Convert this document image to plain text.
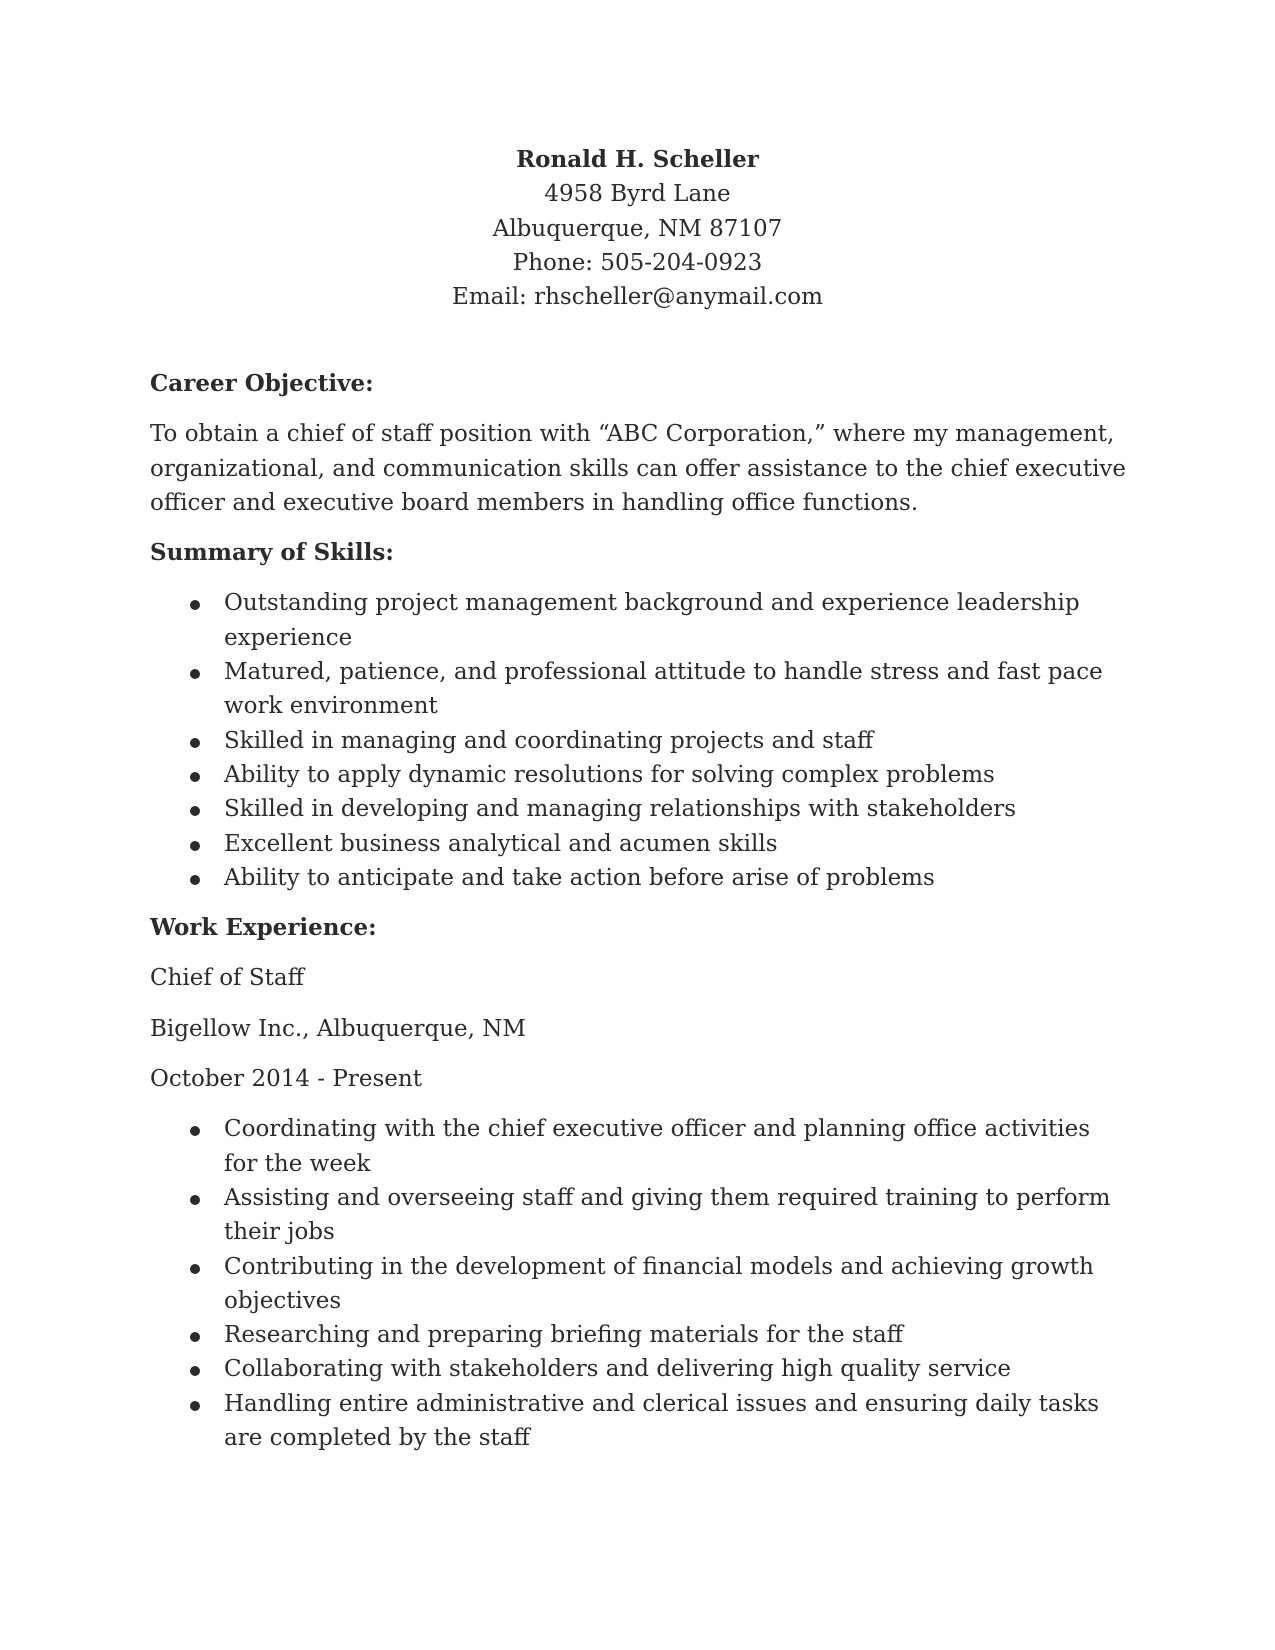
Ronald H. Scheller
4958 Byrd Lane
Albuquerque, NM 87107
Phone: 505-204-0923
Email: rhscheller@anymail.com
Career Objective:
To obtain a chief of staff position with “ABC Corporation,” where my management, organizational, and communication skills can offer assistance to the chief executive officer and executive board members in handling office functions.
Summary of Skills:
Outstanding project management background and experience leadership experience
Matured, patience, and professional attitude to handle stress and fast pace work environment
Skilled in managing and coordinating projects and staff
Ability to apply dynamic resolutions for solving complex problems
Skilled in developing and managing relationships with stakeholders
Excellent business analytical and acumen skills
Ability to anticipate and take action before arise of problems
Work Experience:
Chief of Staff
Bigellow Inc., Albuquerque, NM
October 2014 - Present
Coordinating with the chief executive officer and planning office activities for the week
Assisting and overseeing staff and giving them required training to perform their jobs
Contributing in the development of financial models and achieving growth objectives
Researching and preparing briefing materials for the staff
Collaborating with stakeholders and delivering high quality service
Handling entire administrative and clerical issues and ensuring daily tasks are completed by the staff
